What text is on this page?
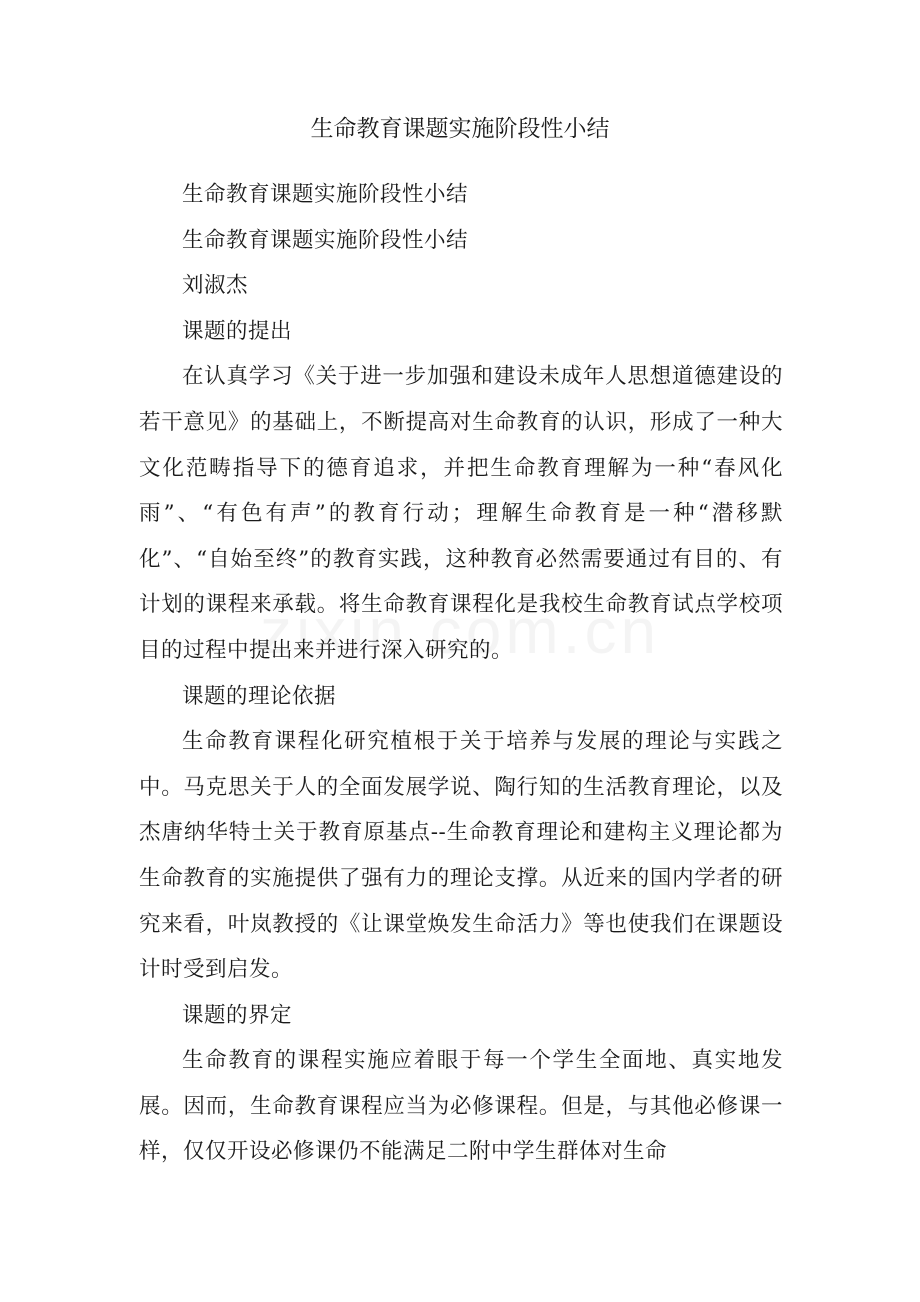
生命教育课题实施阶段性小结

生命教育课题实施阶段性小结

生命教育课题实施阶段性小结

刘淑杰

课题的提出

在认真学习《关于进一步加强和建设未成年人思想道德建设的若干意见》的基础上，不断提高对生命教育的认识，形成了一种大文化范畴指导下的德育追求，并把生命教育理解为一种“春风化雨”、“有色有声”的教育行动；理解生命教育是一种“潜移默化”、“自始至终”的教育实践，这种教育必然需要通过有目的、有计划的课程来承载。将生命教育课程化是我校生命教育试点学校项目的过程中提出来并进行深入研究的。

课题的理论依据

生命教育课程化研究植根于关于培养与发展的理论与实践之中。马克思关于人的全面发展学说、陶行知的生活教育理论，以及杰唐纳华特士关于教育原基点--生命教育理论和建构主义理论都为生命教育的实施提供了强有力的理论支撑。从近来的国内学者的研究来看，叶岚教授的《让课堂焕发生命活力》等也使我们在课题设计时受到启发。

课题的界定

生命教育的课程实施应着眼于每一个学生全面地、真实地发展。因而，生命教育课程应当为必修课程。但是，与其他必修课一样，仅仅开设必修课仍不能满足二附中学生群体对生命
